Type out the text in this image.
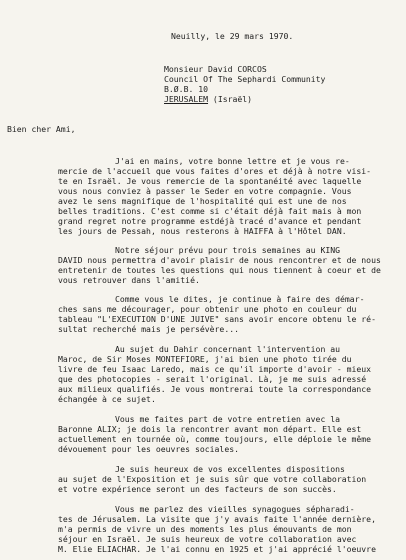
Neuilly, le 29 mars 1970.
Monsieur David CORCOS
Council Of The Sephardi Community
B.Ø.B. 10
JERUSALEM (Israël)
Bien cher Ami,
J'ai en mains, votre bonne lettre et je vous re-
mercie de l'accueil que vous faites d'ores et déjà à notre visi-
te en Israël. Je vous remercie de la spontanéité avec laquelle
vous nous conviez à passer le Seder en votre compagnie. Vous
avez le sens magnifique de l'hospitalité qui est une de nos
belles traditions. C'est comme si c'était déjà fait mais à mon
grand regret notre programme estdéjà tracé d'avance et pendant
les jours de Pessah, nous resterons à HAIFFA à l'Hôtel DAN.
Notre séjour prévu pour trois semaines au KING
DAVID nous permettra d'avoir plaisir de nous rencontrer et de nous
entretenir de toutes les questions qui nous tiennent à coeur et de
vous retrouver dans l'amitié.
Comme vous le dites, je continue à faire des démar-
ches sans me décourager, pour obtenir une photo en couleur du
tableau "L'EXECUTION D'UNE JUIVE" sans avoir encore obtenu le ré-
sultat recherché mais je persévère...
Au sujet du Dahir concernant l'intervention au
Maroc, de Sir Moses MONTEFIORE, j'ai bien une photo tirée du
livre de feu Isaac Laredo, mais ce qu'il importe d'avoir - mieux
que des photocopies - serait l'original. Là, je me suis adressé
aux milieux qualifiés. Je vous montrerai toute la correspondance
échangée à ce sujet.
Vous me faites part de votre entretien avec la
Baronne ALIX; je dois la rencontrer avant mon départ. Elle est
actuellement en tournée où, comme toujours, elle déploie le même
dévouement pour les oeuvres sociales.
Je suis heureux de vos excellentes dispositions
au sujet de l'Exposition et je suis sûr que votre collaboration
et votre expérience seront un des facteurs de son succès.
Vous me parlez des vieilles synagogues sépharadi-
tes de Jérusalem. La visite que j'y avais faite l'année dernière,
m'a permis de vivre un des moments les plus émouvants de mon
séjour en Israël. Je suis heureux de votre collaboration avec
M. Elie ELIACHAR. Je l'ai connu en 1925 et j'ai apprécié l'oeuvre
